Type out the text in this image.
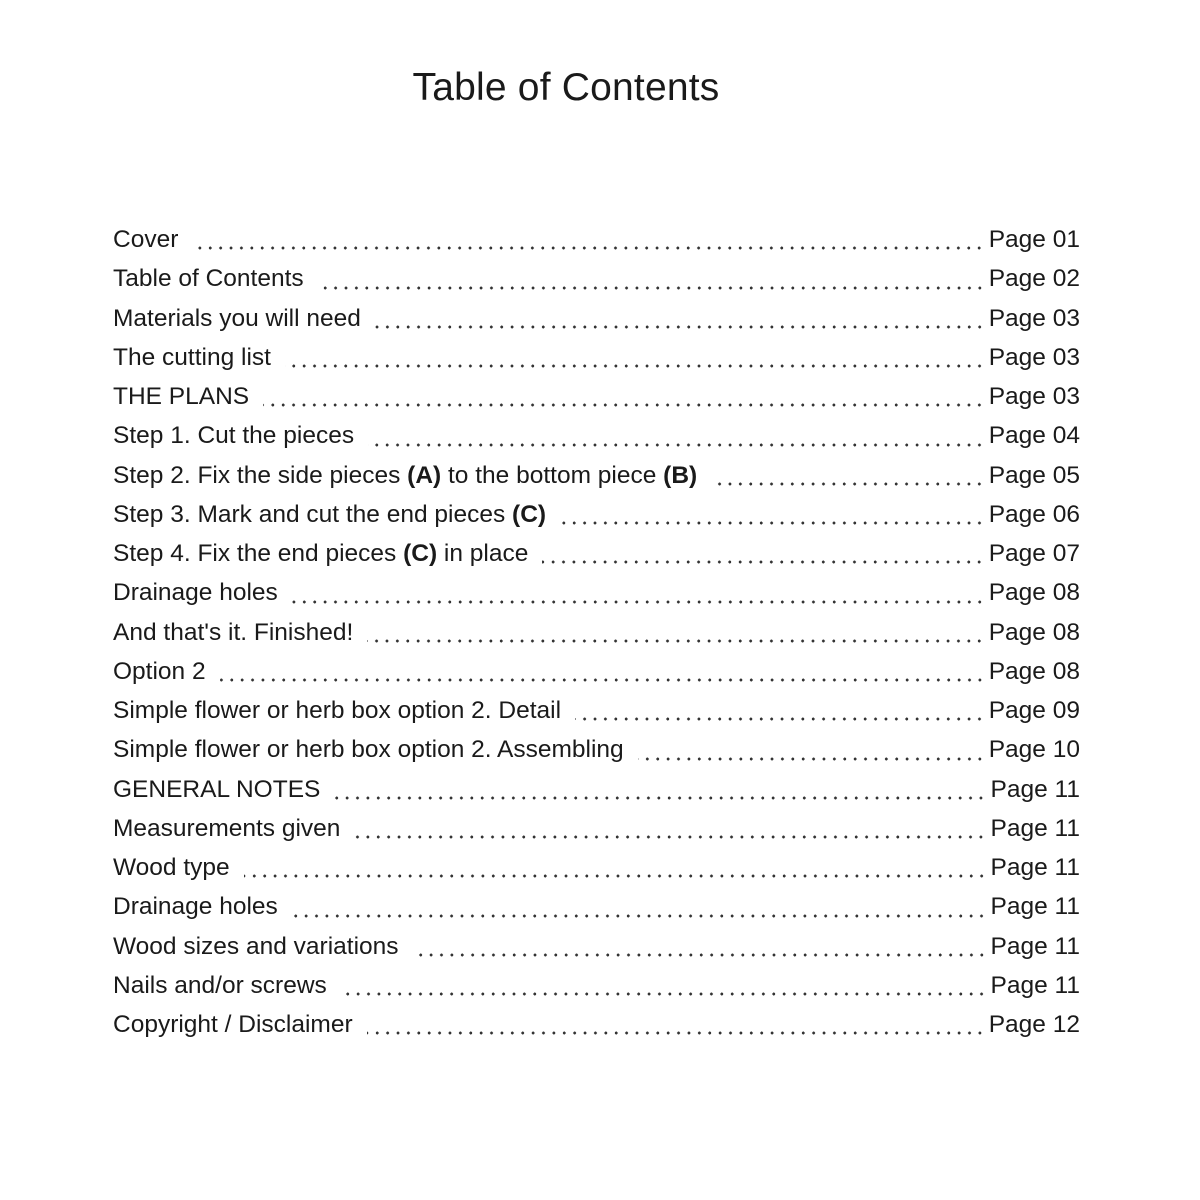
Table of Contents
Cover	Page 01
Table of Contents	Page 02
Materials you will need	Page 03
The cutting list	Page 03
THE PLANS	Page 03
Step 1. Cut the pieces	Page 04
Step 2. Fix the side pieces (A) to the bottom piece (B)	Page 05
Step 3. Mark and cut the end pieces (C)	Page 06
Step 4. Fix the end pieces (C) in place	Page 07
Drainage holes	Page 08
And that's it. Finished!	Page 08
Option 2	Page 08
Simple flower or herb box option 2. Detail	Page 09
Simple flower or herb box option 2. Assembling	Page 10
GENERAL NOTES	Page 11
Measurements given	Page 11
Wood type	Page 11
Drainage holes	Page 11
Wood sizes and variations	Page 11
Nails and/or screws	Page 11
Copyright / Disclaimer	Page 12
